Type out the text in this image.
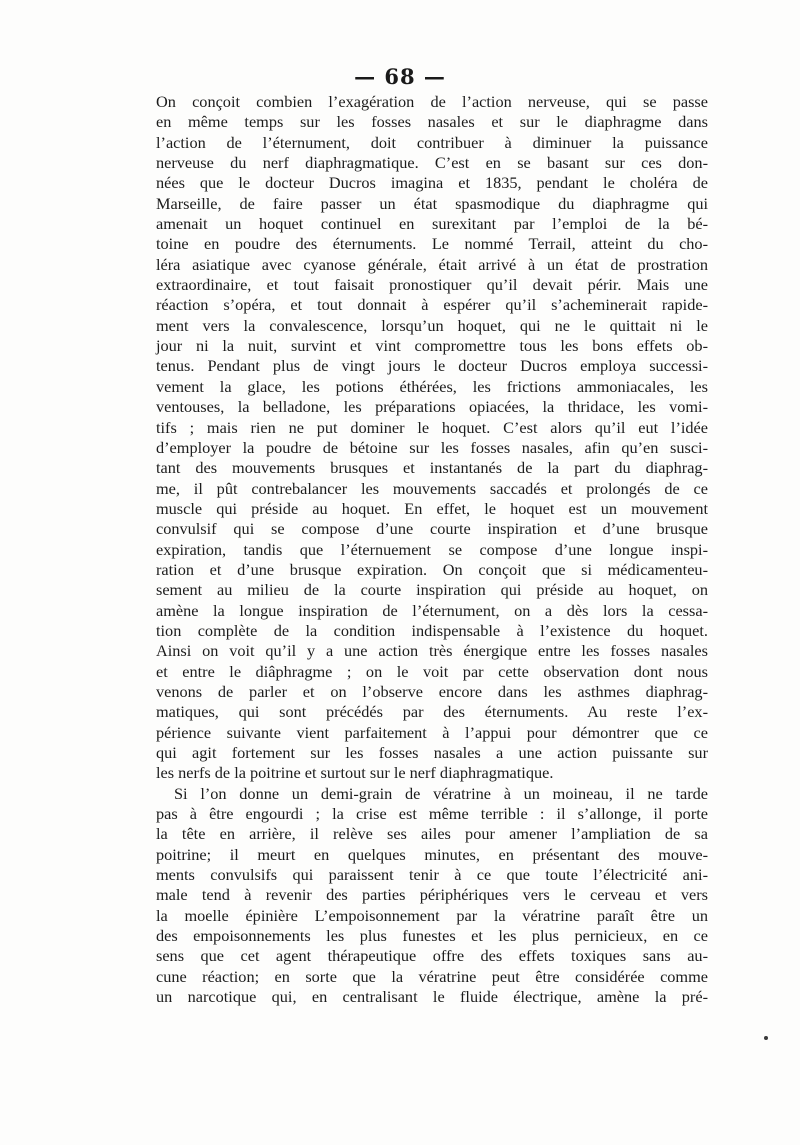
— 68 —
On conçoit combien l’exagération de l’action nerveuse, qui se passe
en même temps sur les fosses nasales et sur le diaphragme dans
l’action de l’éternument, doit contribuer à diminuer la puissance
nerveuse du nerf diaphragmatique. C’est en se basant sur ces don-
nées que le docteur Ducros imagina et 1835, pendant le choléra de
Marseille, de faire passer un état spasmodique du diaphragme qui
amenait un hoquet continuel en surexitant par l’emploi de la bé-
toine en poudre des éternuments. Le nommé Terrail, atteint du cho-
léra asiatique avec cyanose générale, était arrivé à un état de prostration
extraordinaire, et tout faisait pronostiquer qu’il devait périr. Mais une
réaction s’opéra, et tout donnait à espérer qu’il s’acheminerait rapide-
ment vers la convalescence, lorsqu’un hoquet, qui ne le quittait ni le
jour ni la nuit, survint et vint compromettre tous les bons effets ob-
tenus. Pendant plus de vingt jours le docteur Ducros employa successi-
vement la glace, les potions éthérées, les frictions ammoniacales, les
ventouses, la belladone, les préparations opiacées, la thridace, les vomi-
tifs ; mais rien ne put dominer le hoquet. C’est alors qu’il eut l’idée
d’employer la poudre de bétoine sur les fosses nasales, afin qu’en susci-
tant des mouvements brusques et instantanés de la part du diaphrag-
me, il pût contrebalancer les mouvements saccadés et prolongés de ce
muscle qui préside au hoquet. En effet, le hoquet est un mouvement
convulsif qui se compose d’une courte inspiration et d’une brusque
expiration, tandis que l’éternuement se compose d’une longue inspi-
ration et d’une brusque expiration. On conçoit que si médicamenteu-
sement au milieu de la courte inspiration qui préside au hoquet, on
amène la longue inspiration de l’éternument, on a dès lors la cessa-
tion complète de la condition indispensable à l’existence du hoquet.
Ainsi on voit qu’il y a une action très énergique entre les fosses nasales
et entre le diâphragme ; on le voit par cette observation dont nous
venons de parler et on l’observe encore dans les asthmes diaphrag-
matiques, qui sont précédés par des éternuments. Au reste l’ex-
périence suivante vient parfaitement à l’appui pour démontrer que ce
qui agit fortement sur les fosses nasales a une action puissante sur
les nerfs de la poitrine et surtout sur le nerf diaphragmatique.
Si l’on donne un demi-grain de vératrine à un moineau, il ne tarde
pas à être engourdi ; la crise est même terrible : il s’allonge, il porte
la tête en arrière, il relève ses ailes pour amener l’ampliation de sa
poitrine; il meurt en quelques minutes, en présentant des mouve-
ments convulsifs qui paraissent tenir à ce que toute l’électricité ani-
male tend à revenir des parties périphériques vers le cerveau et vers
la moelle épinière L’empoisonnement par la vératrine paraît être un
des empoisonnements les plus funestes et les plus pernicieux, en ce
sens que cet agent thérapeutique offre des effets toxiques sans au-
cune réaction; en sorte que la vératrine peut être considérée comme
un narcotique qui, en centralisant le fluide électrique, amène la pré-
